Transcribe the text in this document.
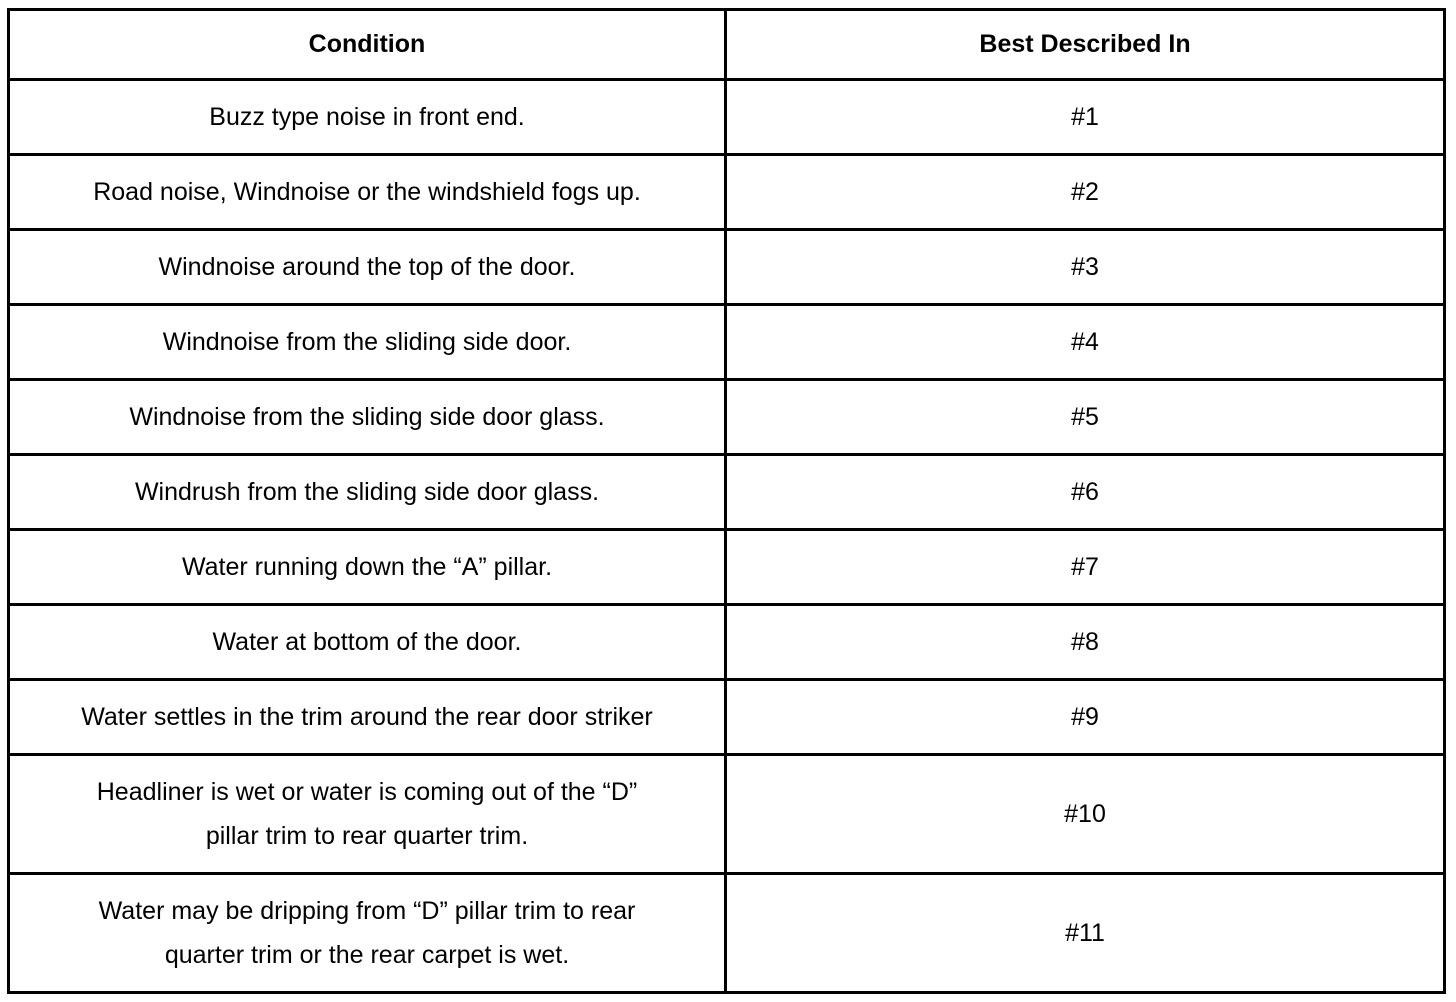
Condition	Best Described In
Buzz type noise in front end.	#1
Road noise, Windnoise or the windshield fogs up.	#2
Windnoise around the top of the door.	#3
Windnoise from the sliding side door.	#4
Windnoise from the sliding side door glass.	#5
Windrush from the sliding side door glass.	#6
Water running down the “A” pillar.	#7
Water at bottom of the door.	#8
Water settles in the trim around the rear door striker	#9
Headliner is wet or water is coming out of the “D” pillar trim to rear quarter trim.	#10
Water may be dripping from “D” pillar trim to rear quarter trim or the rear carpet is wet.	#11
